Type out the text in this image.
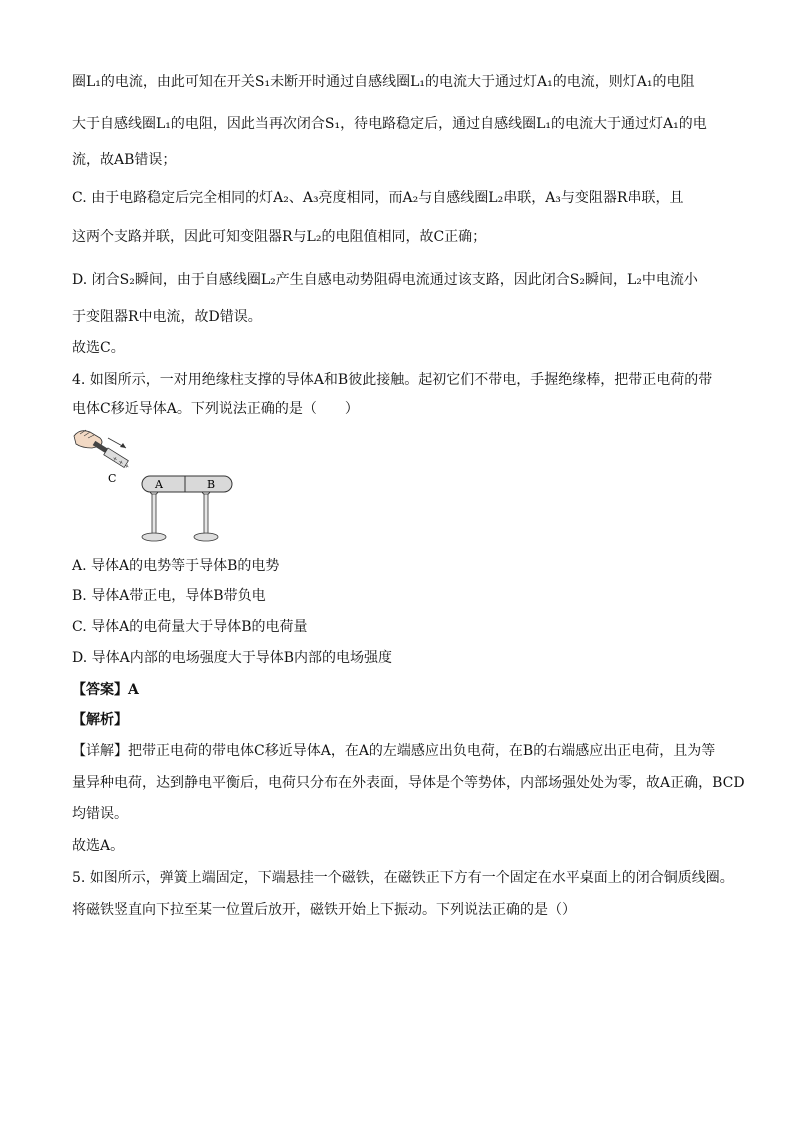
圈L₁的电流，由此可知在开关S₁未断开时通过自感线圈L₁的电流大于通过灯A₁的电流，则灯A₁的电阻
大于自感线圈L₁的电阻，因此当再次闭合S₁，待电路稳定后，通过自感线圈L₁的电流大于通过灯A₁的电
流，故AB错误；
C. 由于电路稳定后完全相同的灯A₂、A₃亮度相同，而A₂与自感线圈L₂串联，A₃与变阻器R串联，且
这两个支路并联，因此可知变阻器R与L₂的电阻值相同，故C正确；
D. 闭合S₂瞬间，由于自感线圈L₂产生自感电动势阻碍电流通过该支路，因此闭合S₂瞬间，L₂中电流小
于变阻器R中电流，故D错误。
故选C。
4. 如图所示，一对用绝缘柱支撑的导体A和B彼此接触。起初它们不带电，手握绝缘棒，把带正电荷的带
电体C移近导体A。下列说法正确的是（　　）
+ + +
C	A	B
A. 导体A的电势等于导体B的电势
B. 导体A带正电，导体B带负电
C. 导体A的电荷量大于导体B的电荷量
D. 导体A内部的电场强度大于导体B内部的电场强度
【答案】A
【解析】
【详解】把带正电荷的带电体C移近导体A，在A的左端感应出负电荷，在B的右端感应出正电荷，且为等
量异种电荷，达到静电平衡后，电荷只分布在外表面，导体是个等势体，内部场强处处为零，故A正确，BCD
均错误。
故选A。
5. 如图所示，弹簧上端固定，下端悬挂一个磁铁，在磁铁正下方有一个固定在水平桌面上的闭合铜质线圈。
将磁铁竖直向下拉至某一位置后放开，磁铁开始上下振动。下列说法正确的是（）
